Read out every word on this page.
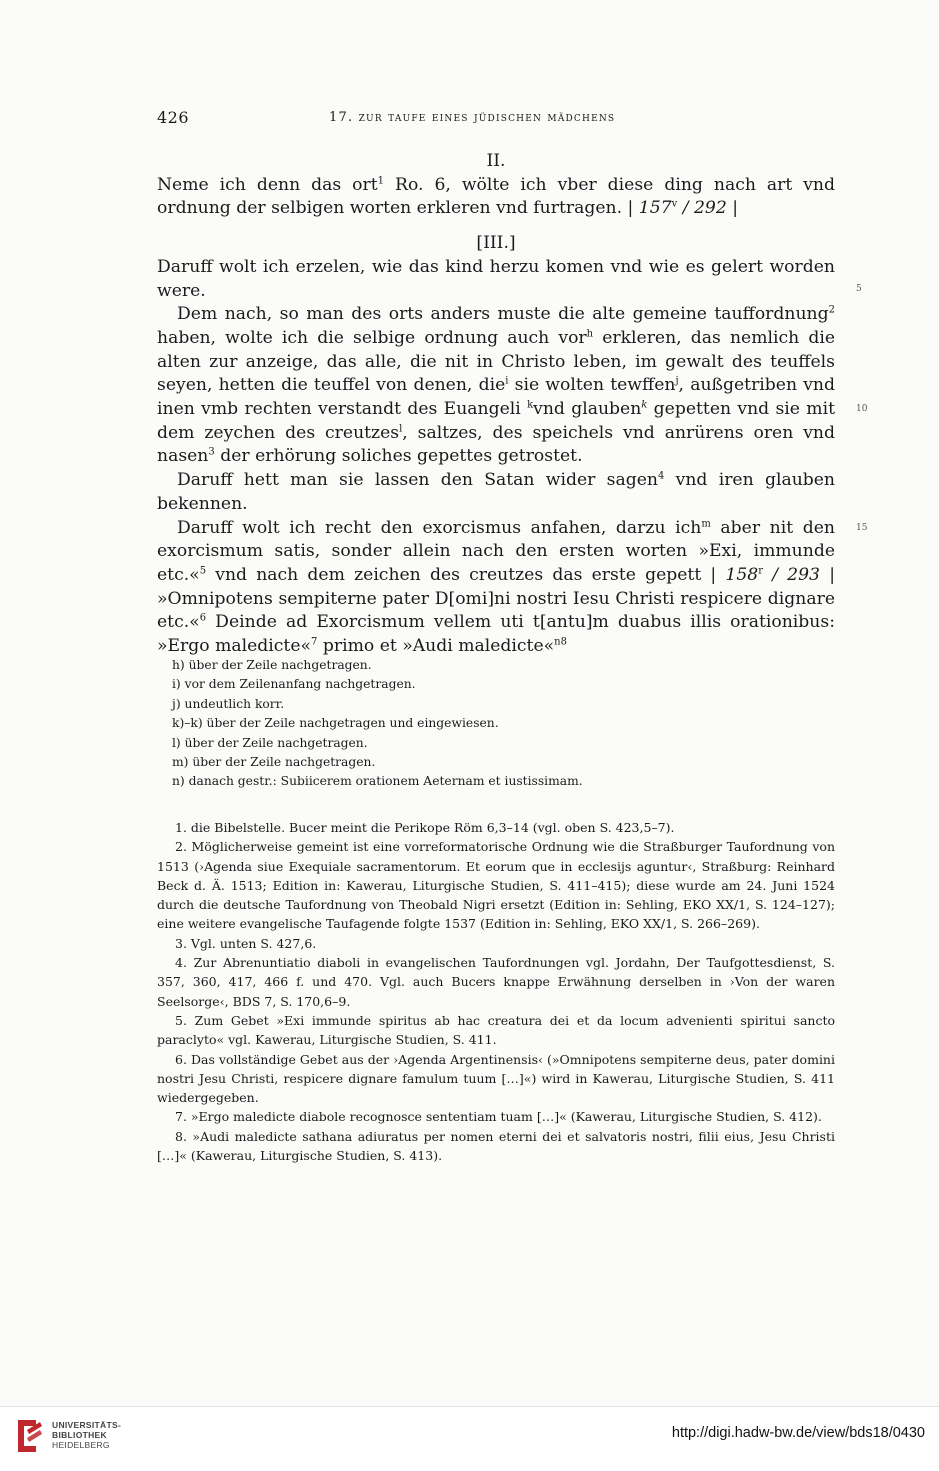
426	17. zur taufe eines jüdischen mädchens

II.

Neme ich denn das ort$^1$ Ro. 6, wölte ich vber diese ding nach art vnd ordnung der selbigen worten erkleren vnd furtragen. | 157$^v$ / 292 |

[III.]

Daruff wolt ich erzelen, wie das kind herzu komen vnd wie es gelert worden were.

Dem nach, so man des orts anders muste die alte gemeine tauffordnung$^2$ haben, wolte ich die selbige ordnung auch vor$^h$ erkleren, das nemlich die alten zur anzeige, das alle, die nit in Christo leben, im gewalt des teuffels seyen, hetten die teuffel von denen, die$^i$ sie wolten tewffen$^j$, außgetriben vnd inen vmb rechten verstandt des Euangeli $^k$vnd glauben$^k$ gepetten vnd sie mit dem zeychen des creutzes$^l$, saltzes, des speichels vnd anrürens oren vnd nasen$^3$ der erhörung soliches gepettes getrostet.

Daruff hett man sie lassen den Satan wider sagen$^4$ vnd iren glauben bekennen.

Daruff wolt ich recht den exorcismus anfahen, darzu ich$^m$ aber nit den exorcismum satis, sonder allein nach den ersten worten »Exi, immunde etc.«$^5$ vnd nach dem zeichen des creutzes das erste gepett | 158$^r$ / 293 | »Omnipotens sempiterne pater D[omi]ni nostri Iesu Christi respicere dignare etc.«$^6$ Deinde ad Exorcismum vellem uti t[antu]m duabus illis orationibus: »Ergo maledicte«$^7$ primo et »Audi maledicte«$^{n8}$

5
10
15
h) über der Zeile nachgetragen.
i) vor dem Zeilenanfang nachgetragen.
j) undeutlich korr.
k)–k) über der Zeile nachgetragen und eingewiesen.
l) über der Zeile nachgetragen.
m) über der Zeile nachgetragen.
n) danach gestr.: Subiicerem orationem Aeternam et iustissimam.

1. die Bibelstelle. Bucer meint die Perikope Röm 6,3–14 (vgl. oben S. 423,5–7).

2. Möglicherweise gemeint ist eine vorreformatorische Ordnung wie die Straßburger Taufordnung von 1513 (›Agenda siue Exequiale sacramentorum. Et eorum que in ecclesijs aguntur‹, Straßburg: Reinhard Beck d. Ä. 1513; Edition in: Kawerau, Liturgische Studien, S. 411–415); diese wurde am 24. Juni 1524 durch die deutsche Taufordnung von Theobald Nigri ersetzt (Edition in: Sehling, EKO XX/1, S. 124–127); eine weitere evangelische Taufagende folgte 1537 (Edition in: Sehling, EKO XX/1, S. 266–269).

3. Vgl. unten S. 427,6.

4. Zur Abrenuntiatio diaboli in evangelischen Taufordnungen vgl. Jordahn, Der Taufgottesdienst, S. 357, 360, 417, 466 f. und 470. Vgl. auch Bucers knappe Erwähnung derselben in ›Von der waren Seelsorge‹, BDS 7, S. 170,6–9.

5. Zum Gebet »Exi immunde spiritus ab hac creatura dei et da locum advenienti spiritui sancto paraclyto« vgl. Kawerau, Liturgische Studien, S. 411.

6. Das vollständige Gebet aus der ›Agenda Argentinensis‹ (»Omnipotens sempiterne deus, pater domini nostri Jesu Christi, respicere dignare famulum tuum […]«) wird in Kawerau, Liturgische Studien, S. 411 wiedergegeben.

7. »Ergo maledicte diabole recognosce sententiam tuam […]« (Kawerau, Liturgische Studien, S. 412).

8. »Audi maledicte sathana adiuratus per nomen eterni dei et salvatoris nostri, filii eius, Jesu Christi […]« (Kawerau, Liturgische Studien, S. 413).

UNIVERSITÄTS-
BIBLIOTHEK
HEIDELBERG
http://digi.hadw-bw.de/view/bds18/0430
